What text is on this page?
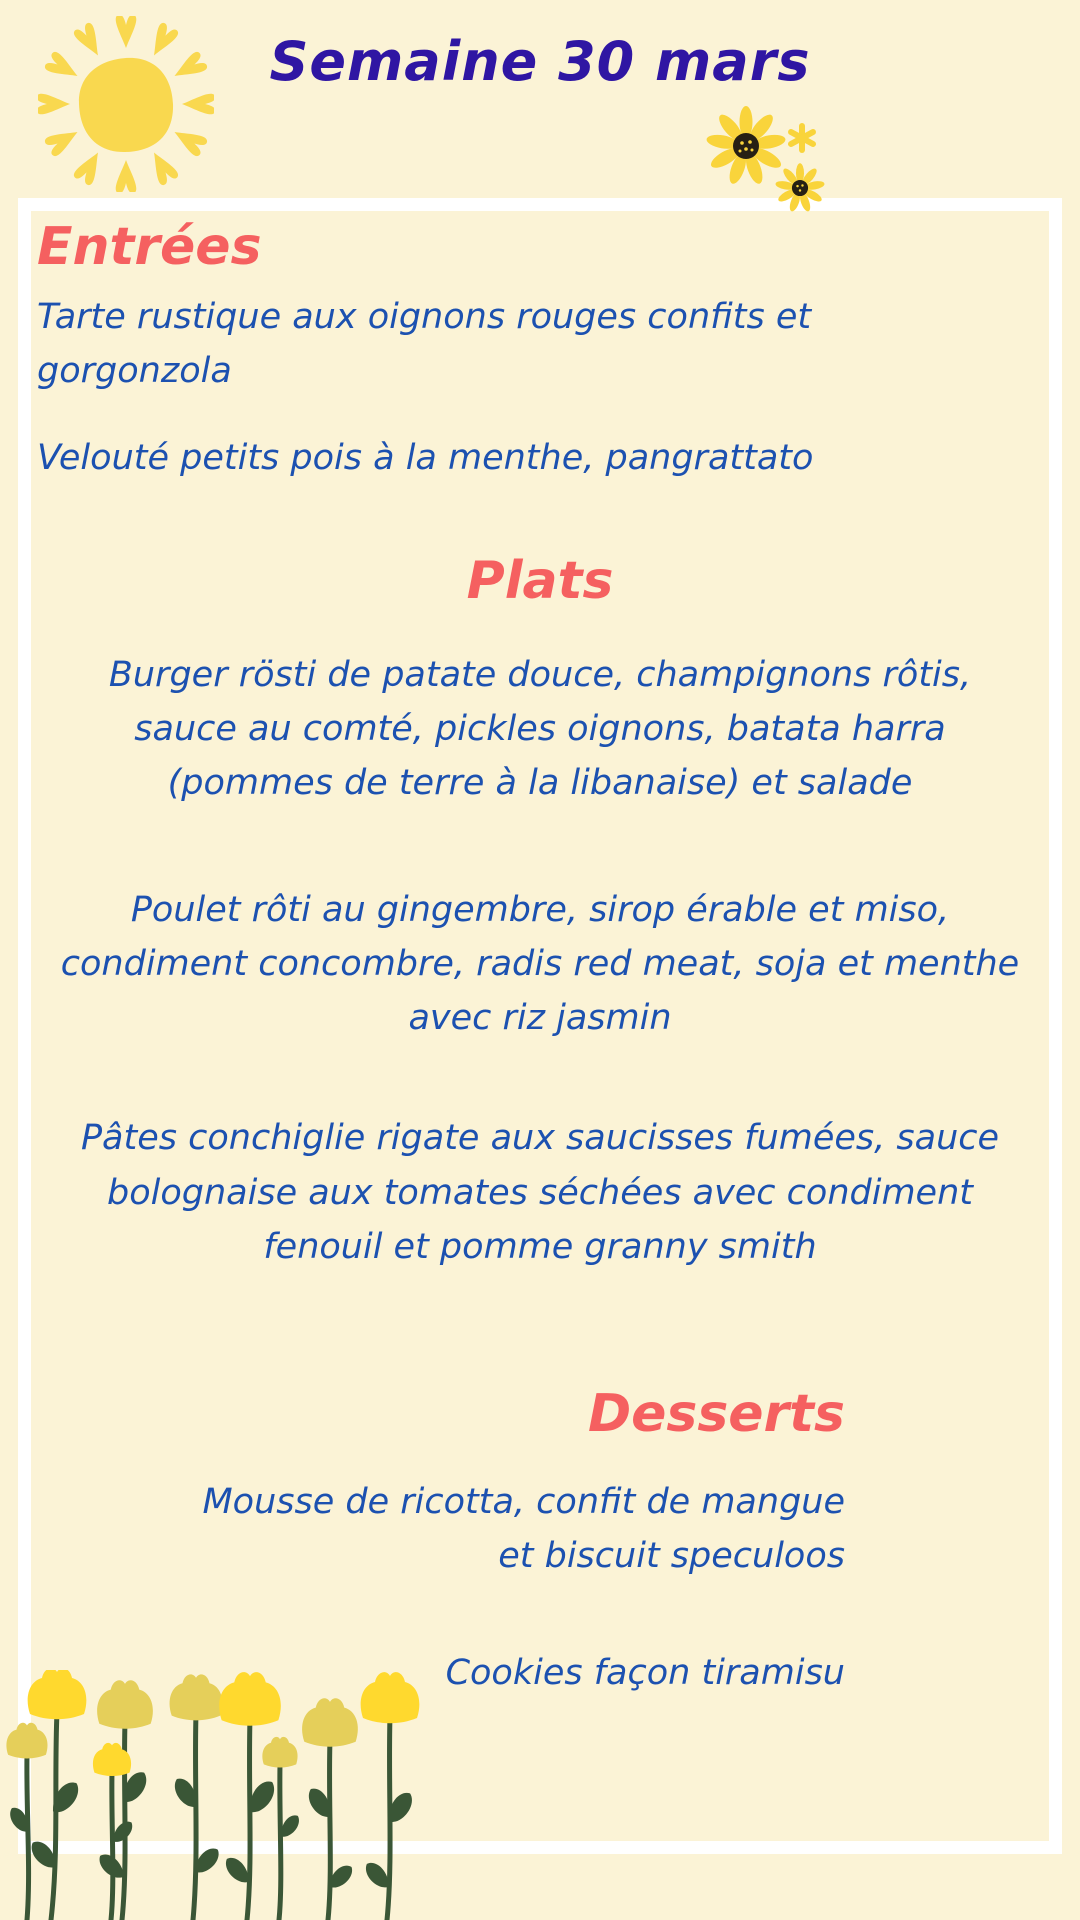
Semaine 30 mars
Entrées
Tarte rustique aux oignons rouges confits et
gorgonzola
Velouté petits pois à la menthe, pangrattato
Plats
Burger rösti de patate douce, champignons rôtis,
sauce au comté, pickles oignons, batata harra
(pommes de terre à la libanaise) et salade
Poulet rôti au gingembre, sirop érable et miso,
condiment concombre, radis red meat, soja et menthe
avec riz jasmin
Pâtes conchiglie rigate aux saucisses fumées, sauce
bolognaise aux tomates séchées avec condiment
fenouil et pomme granny smith
Desserts
Mousse de ricotta, confit de mangue
et biscuit speculoos
Cookies façon tiramisu
